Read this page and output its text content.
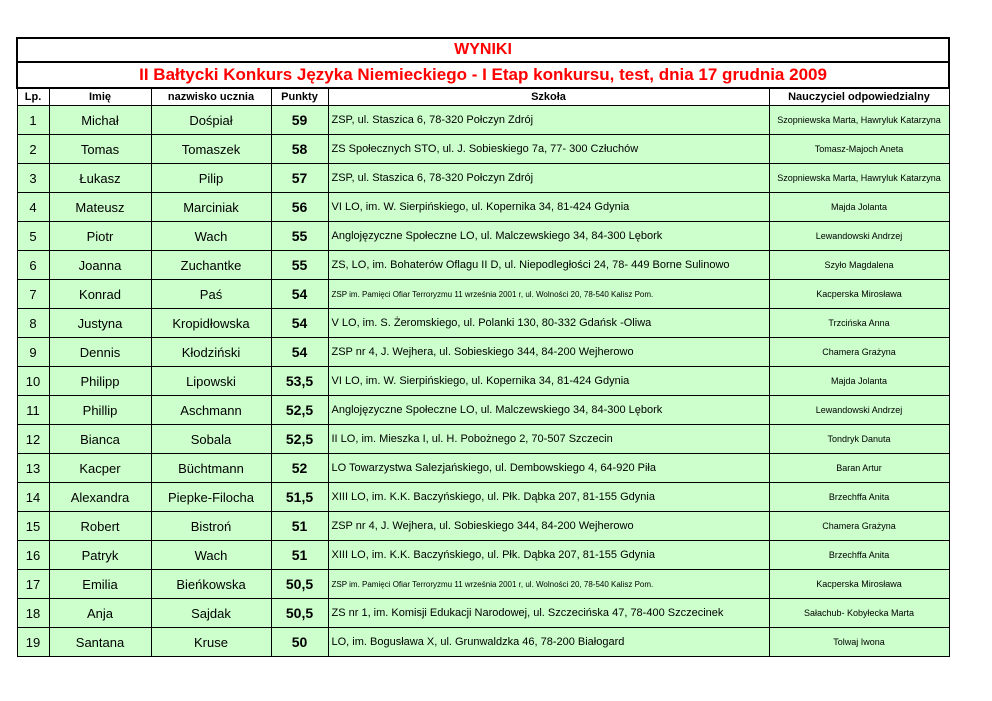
WYNIKI					
II Bałtycki Konkurs Języka Niemieckiego - I Etap konkursu, test, dnia 17 grudnia 2009					
Lp.	Imię	nazwisko ucznia	Punkty	Szkoła	Nauczyciel odpowiedzialny
1	Michał	Dośpiał	59	ZSP, ul. Staszica 6, 78-320 Połczyn Zdrój	Szopniewska Marta, Hawryluk Katarzyna
2	Tomas	Tomaszek	58	ZS Społecznych STO, ul. J. Sobieskiego 7a, 77- 300 Człuchów	Tomasz-Majoch Aneta
3	Łukasz	Pilip	57	ZSP, ul. Staszica 6, 78-320 Połczyn Zdrój	Szopniewska Marta, Hawryluk Katarzyna
4	Mateusz	Marciniak	56	VI LO, im. W. Sierpińskiego, ul. Kopernika 34, 81-424 Gdynia	Majda Jolanta
5	Piotr	Wach	55	Anglojęzyczne Społeczne LO, ul. Malczewskiego 34, 84-300 Lębork	Lewandowski Andrzej
6	Joanna	Zuchantke	55	ZS, LO, im. Bohaterów Oflagu II D, ul. Niepodległości 24, 78- 449 Borne Sulinowo	Szyło Magdalena
7	Konrad	Paś	54	ZSP im. Pamięci Ofiar Terroryzmu 11 września 2001 r, ul. Wolności 20, 78-540 Kalisz Pom.	Kacperska Mirosława
8	Justyna	Kropidłowska	54	V LO, im. S. Żeromskiego, ul. Polanki 130, 80-332 Gdańsk -Oliwa	Trzcińska Anna
9	Dennis	Kłodziński	54	ZSP nr 4, J. Wejhera, ul. Sobieskiego 344, 84-200 Wejherowo	Chamera Grażyna
10	Philipp	Lipowski	53,5	VI LO, im. W. Sierpińskiego, ul. Kopernika 34, 81-424 Gdynia	Majda Jolanta
11	Phillip	Aschmann	52,5	Anglojęzyczne Społeczne LO, ul. Malczewskiego 34, 84-300 Lębork	Lewandowski Andrzej
12	Bianca	Sobala	52,5	II LO, im. Mieszka I, ul. H. Pobożnego 2, 70-507 Szczecin	Tondryk Danuta
13	Kacper	Büchtmann	52	LO Towarzystwa Salezjańskiego, ul. Dembowskiego 4, 64-920 Piła	Baran Artur
14	Alexandra	Piepke-Filocha	51,5	XIII LO, im. K.K. Baczyńskiego, ul. Płk. Dąbka 207, 81-155 Gdynia	Brzechffa Anita
15	Robert	Bistroń	51	ZSP nr 4, J. Wejhera, ul. Sobieskiego 344, 84-200 Wejherowo	Chamera Grażyna
16	Patryk	Wach	51	XIII LO, im. K.K. Baczyńskiego, ul. Płk. Dąbka 207, 81-155 Gdynia	Brzechffa Anita
17	Emilia	Bieńkowska	50,5	ZSP im. Pamięci Ofiar Terroryzmu 11 września 2001 r, ul. Wolności 20, 78-540 Kalisz Pom.	Kacperska Mirosława
18	Anja	Sajdak	50,5	ZS nr 1, im. Komisji Edukacji Narodowej, ul. Szczecińska 47, 78-400 Szczecinek	Sałachub- Kobyłecka Marta
19	Santana	Kruse	50	LO, im. Bogusława X, ul. Grunwaldzka 46, 78-200 Białogard	Tolwaj Iwona
